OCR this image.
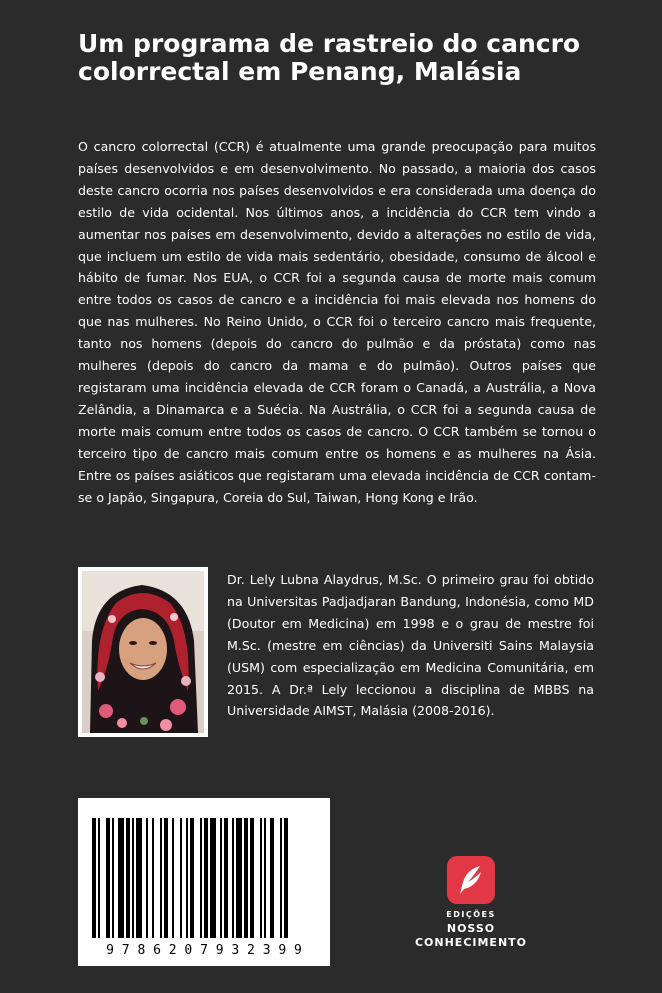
Um programa de rastreio do cancro colorrectal em Penang, Malásia

O cancro colorrectal (CCR) é atualmente uma grande preocupação para muitos países desenvolvidos e em desenvolvimento. No passado, a maioria dos casos deste cancro ocorria nos países desenvolvidos e era considerada uma doença do estilo de vida ocidental. Nos últimos anos, a incidência do CCR tem vindo a aumentar nos países em desenvolvimento, devido a alterações no estilo de vida, que incluem um estilo de vida mais sedentário, obesidade, consumo de álcool e hábito de fumar. Nos EUA, o CCR foi a segunda causa de morte mais comum entre todos os casos de cancro e a incidência foi mais elevada nos homens do que nas mulheres. No Reino Unido, o CCR foi o terceiro cancro mais frequente, tanto nos homens (depois do cancro do pulmão e da próstata) como nas mulheres (depois do cancro da mama e do pulmão). Outros países que registaram uma incidência elevada de CCR foram o Canadá, a Austrália, a Nova Zelândia, a Dinamarca e a Suécia. Na Austrália, o CCR foi a segunda causa de morte mais comum entre todos os casos de cancro. O CCR também se tornou o terceiro tipo de cancro mais comum entre os homens e as mulheres na Ásia. Entre os países asiáticos que registaram uma elevada incidência de CCR contam-se o Japão, Singapura, Coreia do Sul, Taiwan, Hong Kong e Irão.

Dr. Lely Lubna Alaydrus, M.Sc. O primeiro grau foi obtido na Universitas Padjadjaran Bandung, Indonésia, como MD (Doutor em Medicina) em 1998 e o grau de mestre foi M.Sc. (mestre em ciências) da Universiti Sains Malaysia (USM) com especialização em Medicina Comunitária, em 2015. A Dr.ª Lely leccionou a disciplina de MBBS na Universidade AIMST, Malásia (2008-2016).

9 7 8 6 2 0 7 9 3 2 3 9 9
EDIÇÕES
NOSSO CONHECIMENTO
